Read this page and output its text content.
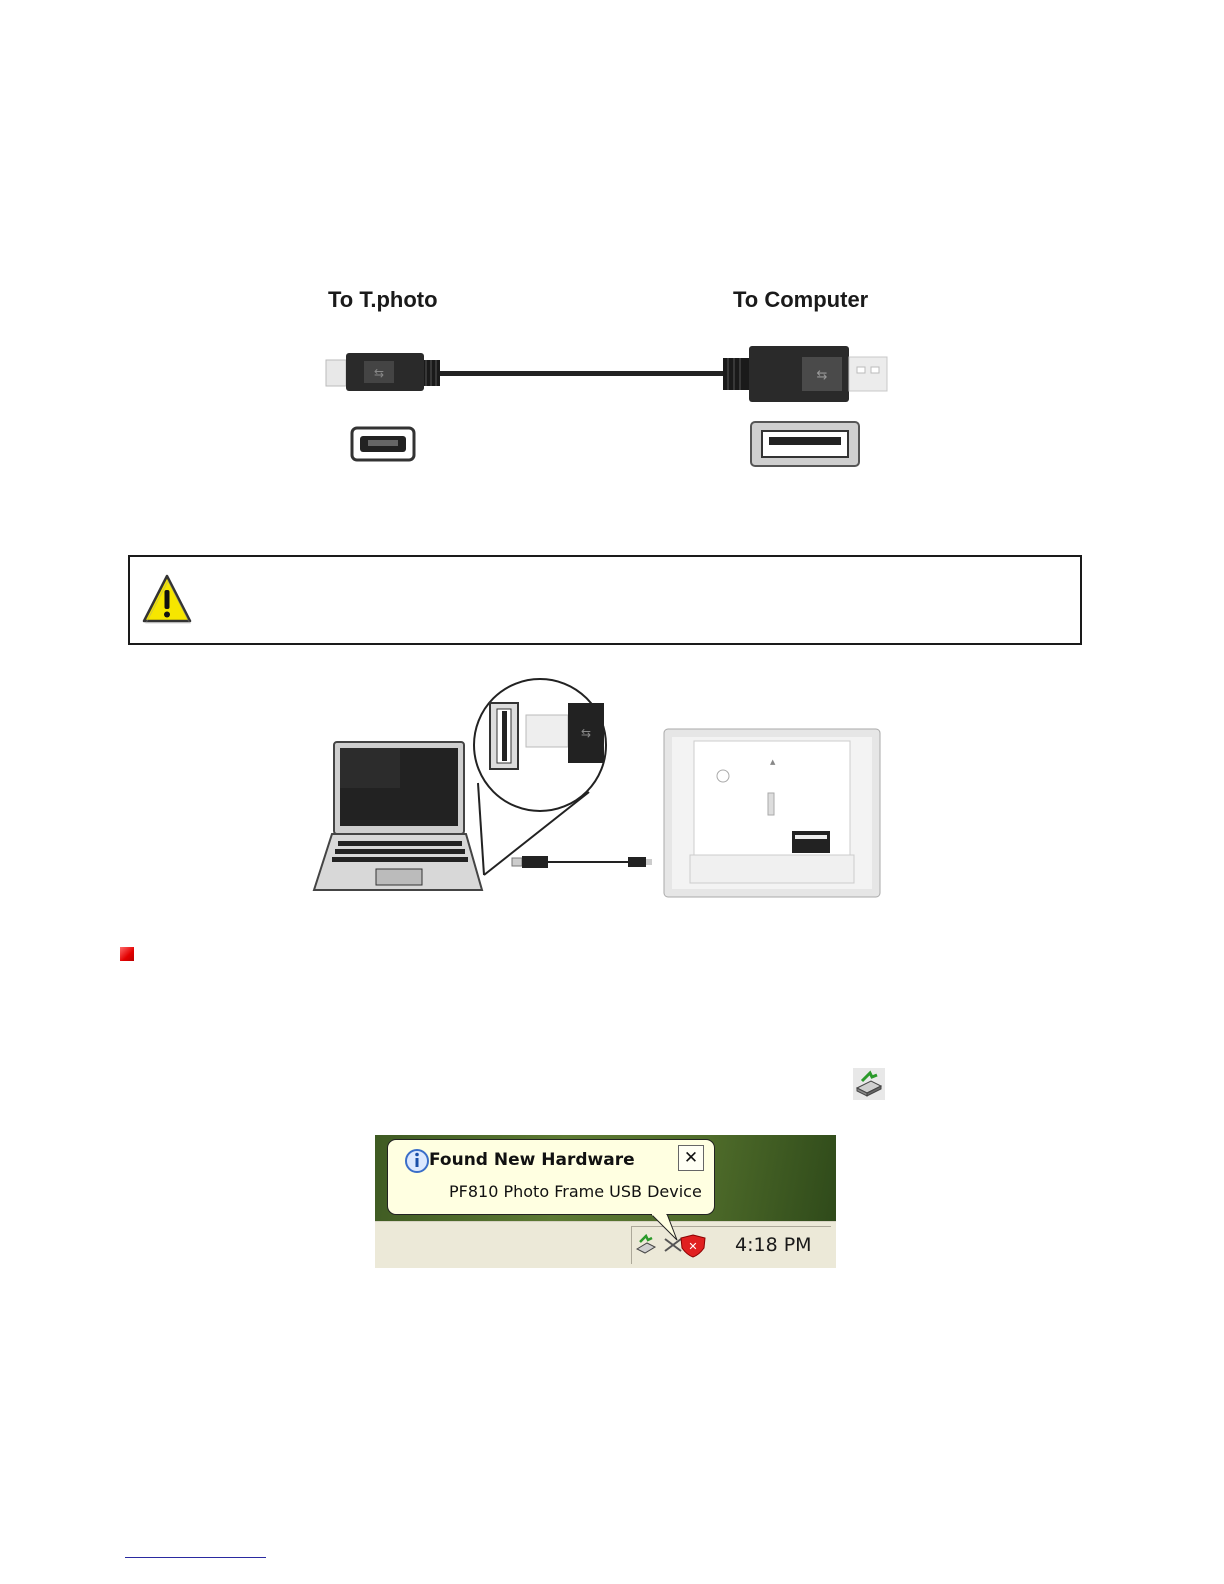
To T.photo	To Computer
⇆	⇆
⇆
▲
✕ 4:18 PM
Found New Hardware
PF810 Photo Frame USB Device
✕
